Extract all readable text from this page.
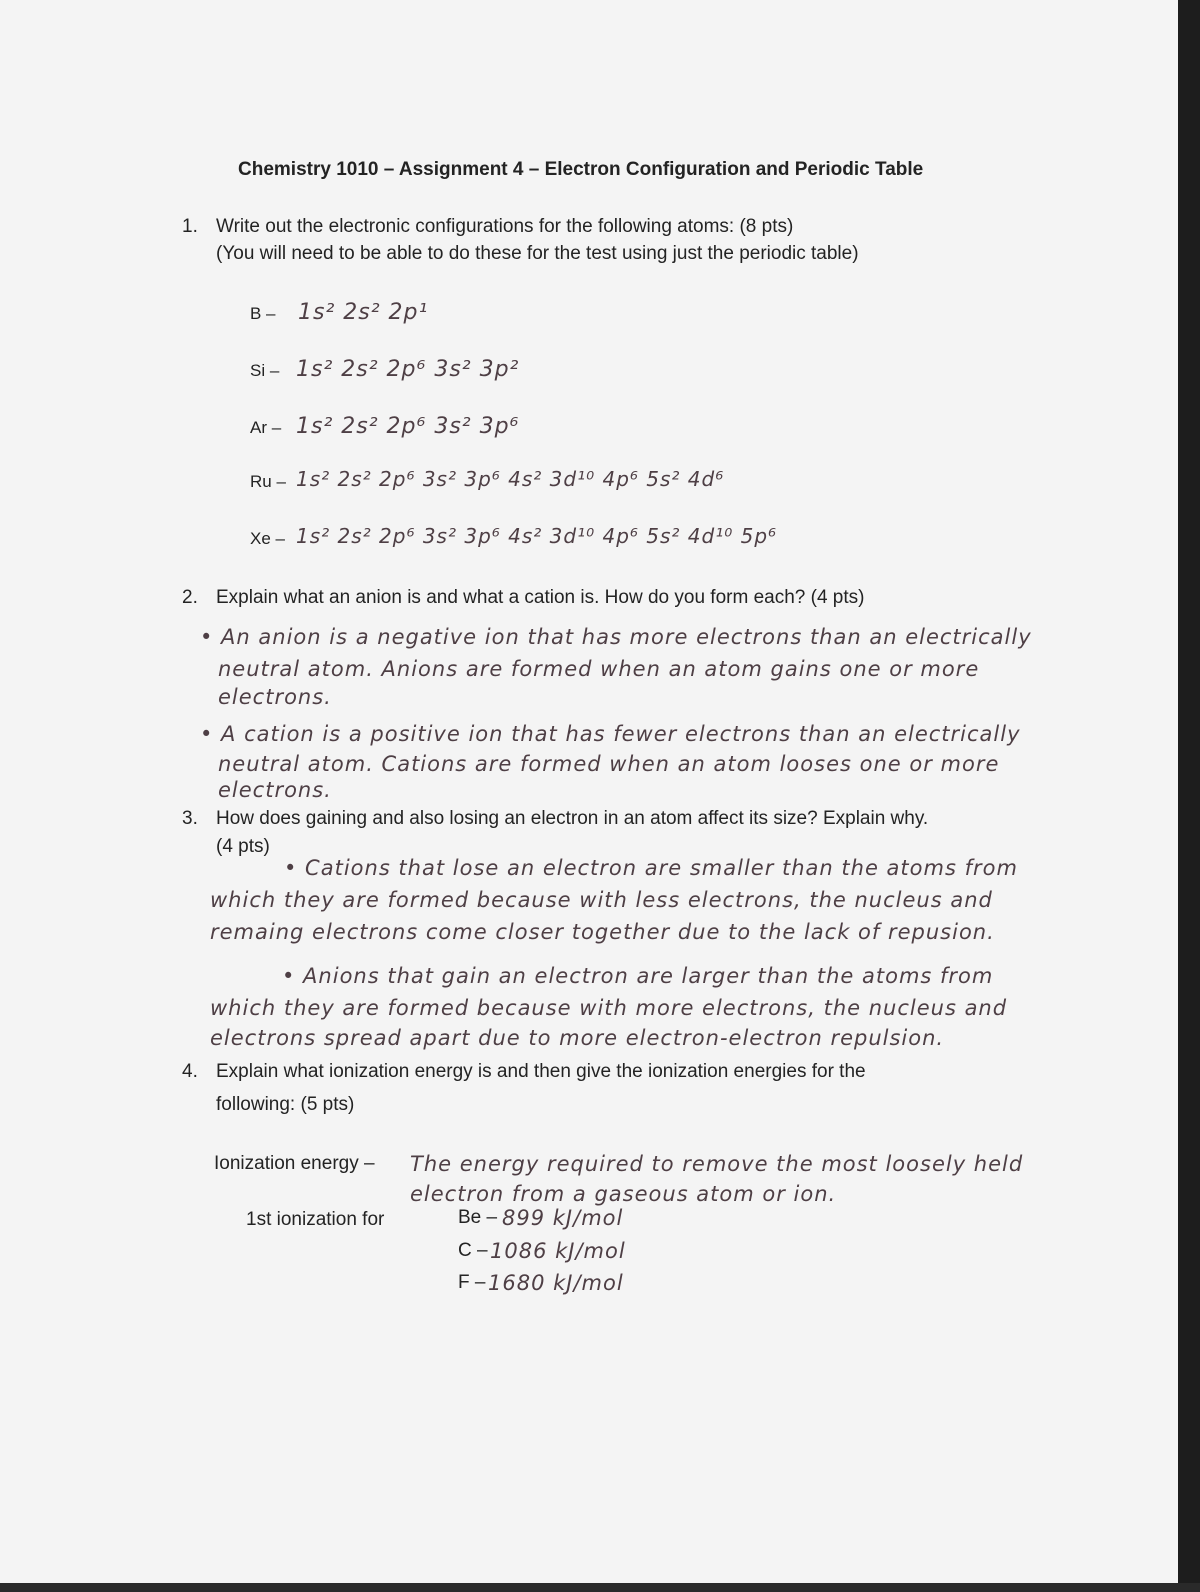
Chemistry 1010 – Assignment 4 – Electron Configuration and Periodic Table
1. Write out the electronic configurations for the following atoms: (8 pts)
(You will need to be able to do these for the test using just the periodic table)
B – 1s² 2s² 2p¹
Si – 1s² 2s² 2p⁶ 3s² 3p²
Ar – 1s² 2s² 2p⁶ 3s² 3p⁶
Ru – 1s² 2s² 2p⁶ 3s² 3p⁶ 4s² 3d¹⁰ 4p⁶ 5s² 4d⁶
Xe – 1s² 2s² 2p⁶ 3s² 3p⁶ 4s² 3d¹⁰ 4p⁶ 5s² 4d¹⁰ 5p⁶
2. Explain what an anion is and what a cation is. How do you form each? (4 pts)
• An anion is a negative ion that has more electrons than an electrically
neutral atom. Anions are formed when an atom gains one or more
electrons.
• A cation is a positive ion that has fewer electrons than an electrically
neutral atom. Cations are formed when an atom looses one or more
electrons.
3. How does gaining and also losing an electron in an atom affect its size? Explain why.
(4 pts)
• Cations that lose an electron are smaller than the atoms from
which they are formed because with less electrons, the nucleus and
remaing electrons come closer together due to the lack of repusion.
• Anions that gain an electron are larger than the atoms from
which they are formed because with more electrons, the nucleus and
electrons spread apart due to more electron-electron repulsion.
4. Explain what ionization energy is and then give the ionization energies for the
following: (5 pts)
Ionization energy – The energy required to remove the most loosely held
electron from a gaseous atom or ion.
1st ionization for	Be – 899 kJ/mol
C – 1086 kJ/mol
F – 1680 kJ/mol
